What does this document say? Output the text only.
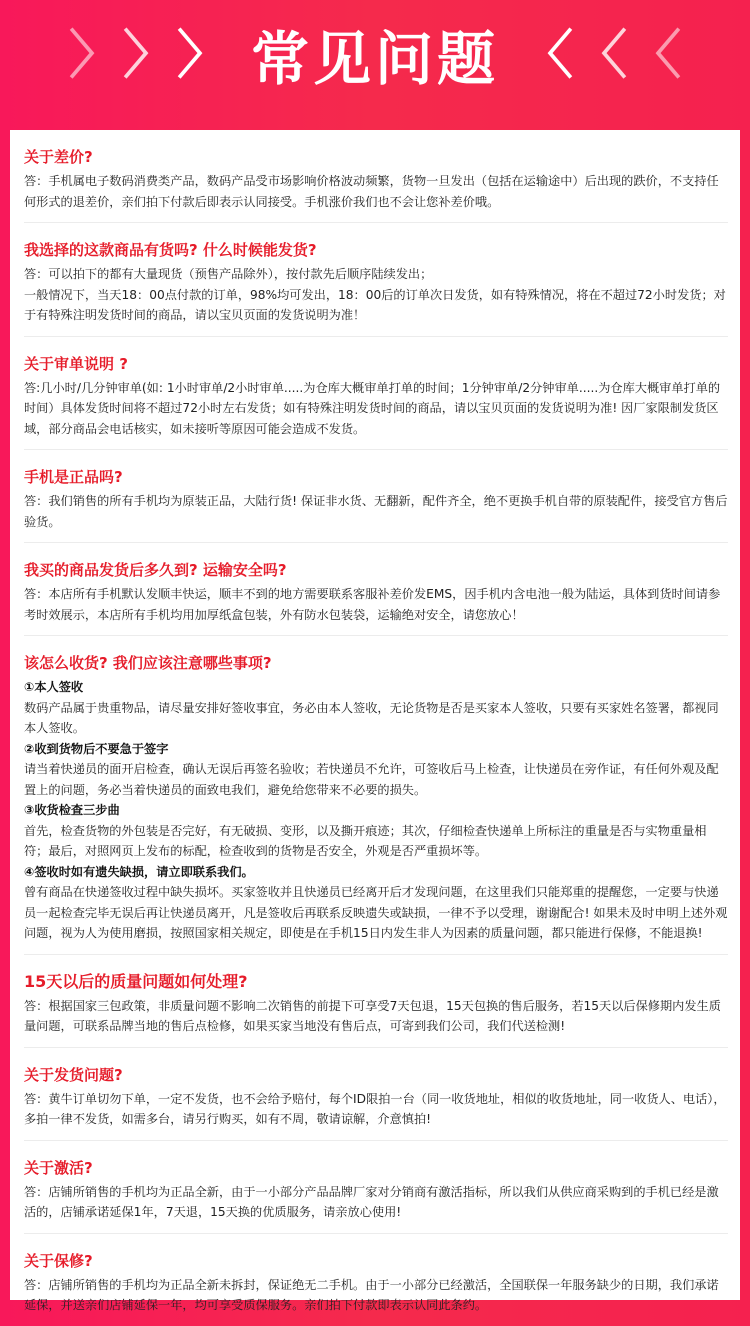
〉 〉 〉 常见问题 〈 〈 〈
关于差价?
答：手机属电子数码消费类产品，数码产品受市场影响价格波动频繁，货物一旦发出（包括在运输途中）后出现的跌价，不支持任何形式的退差价，亲们拍下付款后即表示认同接受。手机涨价我们也不会让您补差价哦。
我选择的这款商品有货吗? 什么时候能发货?
答：可以拍下的都有大量现货（预售产品除外），按付款先后顺序陆续发出；
一般情况下，当天18：00点付款的订单，98%均可发出，18：00后的订单次日发货，如有特殊情况，将在不超过72小时发货；对于有特殊注明发货时间的商品，请以宝贝页面的发货说明为准！
关于审单说明 ?
答:几小时/几分钟审单(如: 1小时审单/2小时审单.....为仓库大概审单打单的时间；1分钟审单/2分钟审单.....为仓库大概审单打单的时间）具体发货时间将不超过72小时左右发货；如有特殊注明发货时间的商品，请以宝贝页面的发货说明为准! 因厂家限制发货区域，部分商品会电话核实，如未接听等原因可能会造成不发货。
手机是正品吗?
答：我们销售的所有手机均为原装正品，大陆行货! 保证非水货、无翻新，配件齐全，绝不更换手机自带的原装配件，接受官方售后验货。
我买的商品发货后多久到? 运输安全吗?
答：本店所有手机默认发顺丰快运，顺丰不到的地方需要联系客服补差价发EMS，因手机内含电池一般为陆运，具体到货时间请参考时效展示，本店所有手机均用加厚纸盒包装，外有防水包装袋，运输绝对安全，请您放心！
该怎么收货? 我们应该注意哪些事项?
①本人签收
数码产品属于贵重物品，请尽量安排好签收事宜，务必由本人签收，无论货物是否是买家本人签收，只要有买家姓名签署，都视同本人签收。
②收到货物后不要急于签字
请当着快递员的面开启检查，确认无误后再签名验收；若快递员不允许，可签收后马上检查，让快递员在旁作证，有任何外观及配置上的问题，务必当着快递员的面致电我们，避免给您带来不必要的损失。
③收货检查三步曲
首先，检查货物的外包装是否完好，有无破损、变形，以及撕开痕迹；其次，仔细检查快递单上所标注的重量是否与实物重量相符；最后，对照网页上发布的标配，检查收到的货物是否安全，外观是否严重损坏等。
④签收时如有遗失缺损，请立即联系我们。
曾有商品在快递签收过程中缺失损坏。买家签收并且快递员已经离开后才发现问题，在这里我们只能郑重的提醒您，一定要与快递员一起检查完毕无误后再让快递员离开，凡是签收后再联系反映遗失或缺损，一律不予以受理，谢谢配合! 如果未及时申明上述外观问题，视为人为使用磨损，按照国家相关规定，即使是在手机15日内发生非人为因素的质量问题，都只能进行保修，不能退换!
15天以后的质量问题如何处理?
答：根据国家三包政策，非质量问题不影响二次销售的前提下可享受7天包退，15天包换的售后服务，若15天以后保修期内发生质量问题，可联系品牌当地的售后点检修，如果买家当地没有售后点，可寄到我们公司，我们代送检测!
关于发货问题?
答：黄牛订单切勿下单，一定不发货，也不会给予赔付，每个ID限拍一台（同一收货地址，相似的收货地址，同一收货人、电话），多拍一律不发货，如需多台，请另行购买，如有不周，敬请谅解，介意慎拍!
关于激活?
答：店铺所销售的手机均为正品全新，由于一小部分产品品牌厂家对分销商有激活指标，所以我们从供应商采购到的手机已经是激活的，店铺承诺延保1年，7天退，15天换的优质服务，请亲放心使用!
关于保修?
答：店铺所销售的手机均为正品全新未拆封，保证绝无二手机。由于一小部分已经激活，全国联保一年服务缺少的日期，我们承诺延保，并送亲们店铺延保一年，均可享受质保服务。亲们拍下付款即表示认同此条约。
